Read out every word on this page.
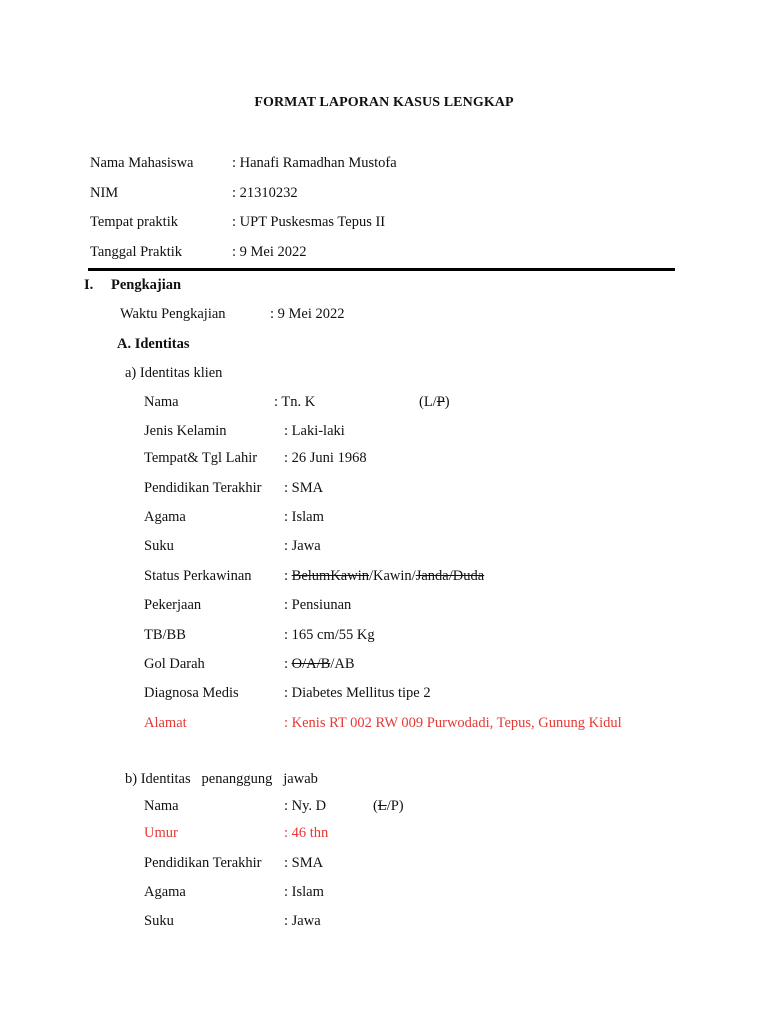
FORMAT LAPORAN KASUS LENGKAP
Nama Mahasiswa	: Hanafi Ramadhan Mustofa
NIM	: 21310232
Tempat praktik	: UPT Puskesmas Tepus II
Tanggal Praktik	: 9 Mei 2022
I. Pengkajian
Waktu Pengkajian	: 9 Mei 2022
A. Identitas
a) Identitas klien
Nama	: Tn. K	(L/P)
Jenis Kelamin	: Laki-laki
Tempat& Tgl Lahir : 26 Juni 1968
Pendidikan Terakhir : SMA
Agama	: Islam
Suku	: Jawa
Status Perkawinan : BelumKawin/Kawin/Janda/Duda
Pekerjaan	: Pensiunan
TB/BB	: 165 cm/55 Kg
Gol Darah	: O/A/B/AB
Diagnosa Medis	: Diabetes Mellitus tipe 2
Alamat	: Kenis RT 002 RW 009 Purwodadi, Tepus, Gunung Kidul
b) Identitas   penanggung   jawab
Nama	: Ny. D	(L/P)
Umur	: 46 thn
Pendidikan Terakhir : SMA
Agama	: Islam
Suku	: Jawa
